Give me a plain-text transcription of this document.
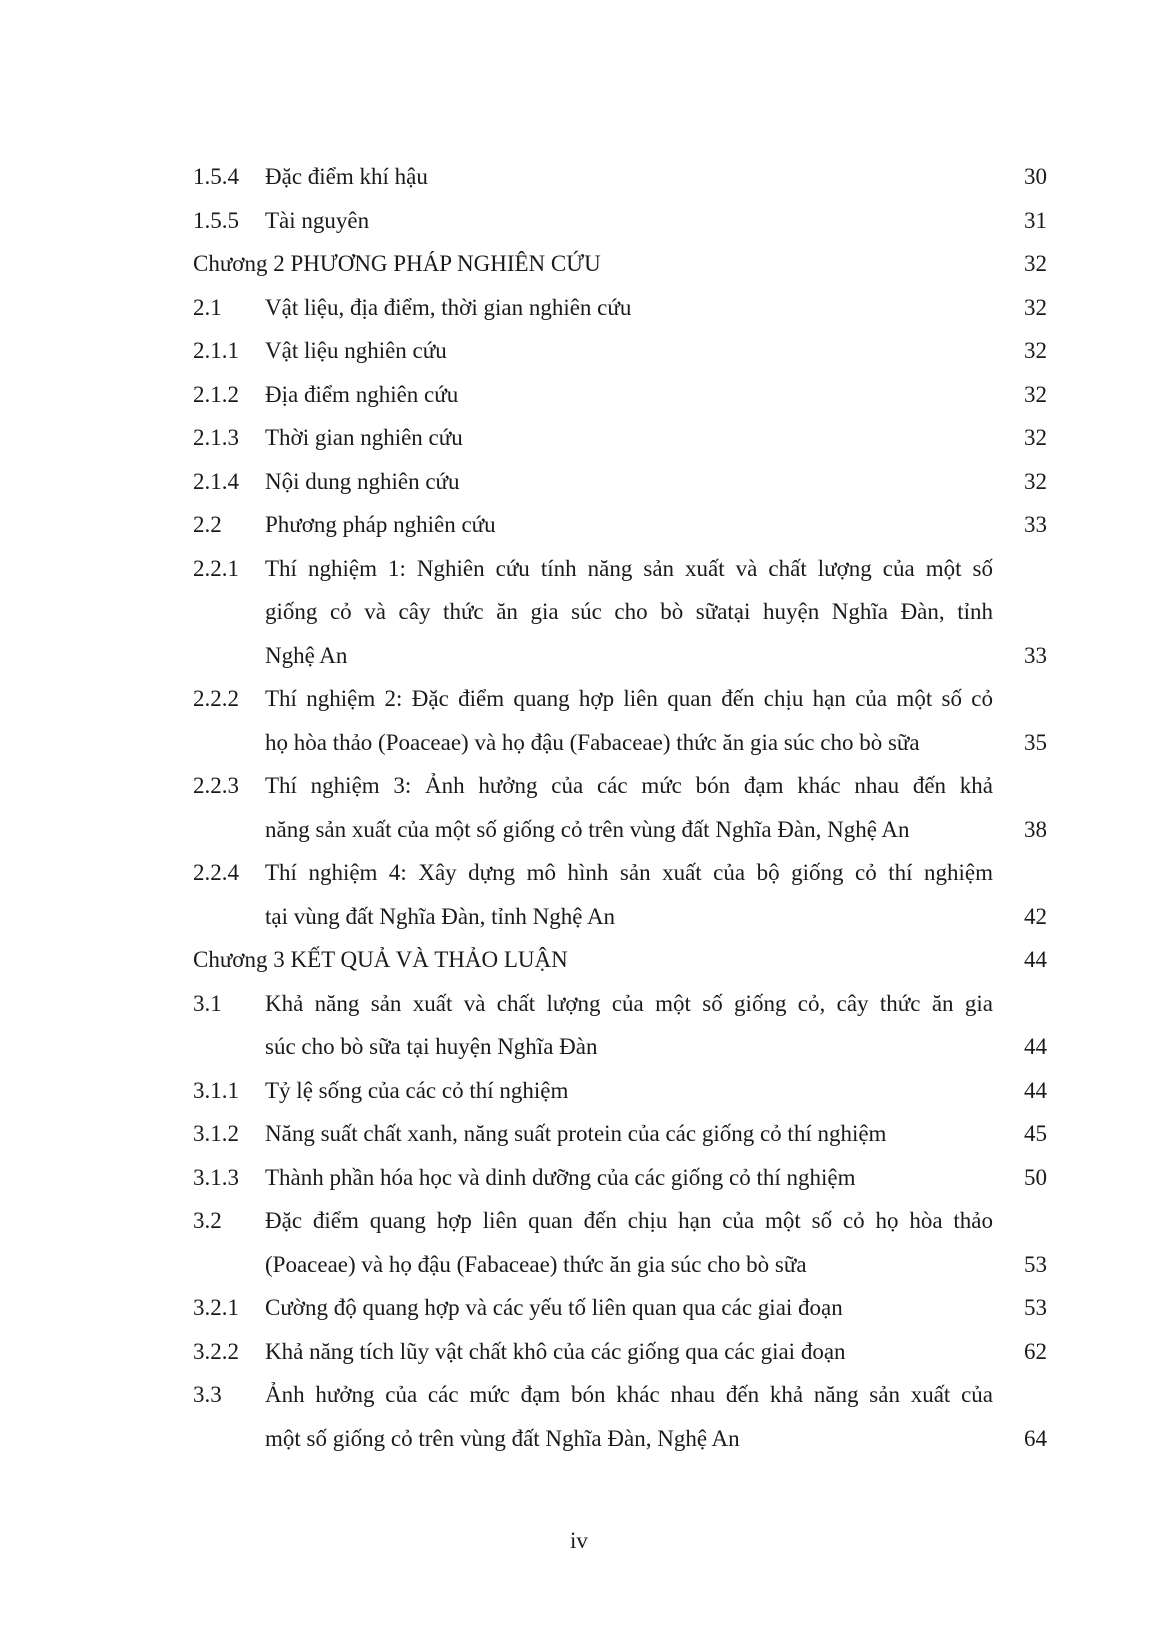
1.5.4 Đặc điểm khí hậu	30
1.5.5 Tài nguyên	31
Chương 2 PHƯƠNG PHÁP NGHIÊN CỨU	32
2.1 Vật liệu, địa điểm, thời gian nghiên cứu	32
2.1.1 Vật liệu nghiên cứu	32
2.1.2 Địa điểm nghiên cứu	32
2.1.3 Thời gian nghiên cứu	32
2.1.4 Nội dung nghiên cứu	32
2.2 Phương pháp nghiên cứu	33
2.2.1 Thí nghiệm 1: Nghiên cứu tính năng sản xuất và chất lượng của một số
giống cỏ và cây thức ăn gia súc cho bò sữatại huyện Nghĩa Đàn, tỉnh
Nghệ An	33
2.2.2 Thí nghiệm 2: Đặc điểm quang hợp liên quan đến chịu hạn của một số cỏ
họ hòa thảo (Poaceae) và họ đậu (Fabaceae) thức ăn gia súc cho bò sữa	35
2.2.3 Thí nghiệm 3: Ảnh hưởng của các mức bón đạm khác nhau đến khả
năng sản xuất của một số giống cỏ trên vùng đất Nghĩa Đàn, Nghệ An	38
2.2.4 Thí nghiệm 4: Xây dựng mô hình sản xuất của bộ giống cỏ thí nghiệm
tại vùng đất Nghĩa Đàn, tỉnh Nghệ An	42
Chương 3 KẾT QUẢ VÀ THẢO LUẬN	44
3.1 Khả năng sản xuất và chất lượng của một số giống cỏ, cây thức ăn gia
súc cho bò sữa tại huyện Nghĩa Đàn	44
3.1.1 Tỷ lệ sống của các cỏ thí nghiệm	44
3.1.2 Năng suất chất xanh, năng suất protein của các giống cỏ thí nghiệm	45
3.1.3 Thành phần hóa học và dinh dưỡng của các giống cỏ thí nghiệm	50
3.2 Đặc điểm quang hợp liên quan đến chịu hạn của một số cỏ họ hòa thảo
(Poaceae) và họ đậu (Fabaceae) thức ăn gia súc cho bò sữa	53
3.2.1 Cường độ quang hợp và các yếu tố liên quan qua các giai đoạn	53
3.2.2 Khả năng tích lũy vật chất khô của các giống qua các giai đoạn	62
3.3 Ảnh hưởng của các mức đạm bón khác nhau đến khả năng sản xuất của
một số giống cỏ trên vùng đất Nghĩa Đàn, Nghệ An	64
iv
